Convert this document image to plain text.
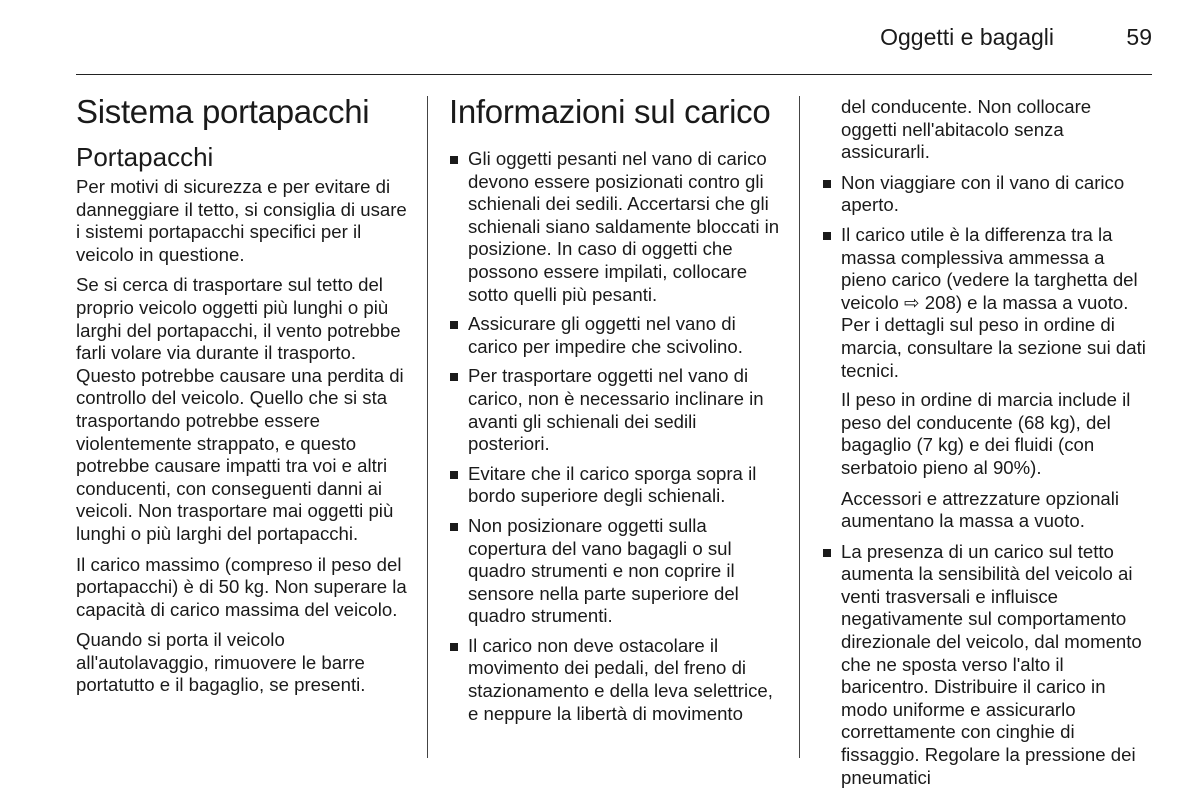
Oggetti e bagagli	59
Sistema portapacchi
Portapacchi

Per motivi di sicurezza e per evitare di danneggiare il tetto, si consiglia di usare i sistemi portapacchi specifici per il veicolo in questione.

Se si cerca di trasportare sul tetto del proprio veicolo oggetti più lunghi o più larghi del portapacchi, il vento potrebbe farli volare via durante il trasporto. Questo potrebbe causare una perdita di controllo del veicolo. Quello che si sta trasportando potrebbe essere violentemente strappato, e questo potrebbe causare impatti tra voi e altri conducenti, con conseguenti danni ai veicoli. Non trasportare mai oggetti più lunghi o più larghi del portapacchi.

Il carico massimo (compreso il peso del portapacchi) è di 50 kg. Non superare la capacità di carico massima del veicolo.

Quando si porta il veicolo all'autolavaggio, rimuovere le barre portatutto e il bagaglio, se presenti.

Informazioni sul carico
Gli oggetti pesanti nel vano di carico devono essere posizionati contro gli schienali dei sedili. Accertarsi che gli schienali siano saldamente bloccati in posizione. In caso di oggetti che possono essere impilati, collocare sotto quelli più pesanti.
Assicurare gli oggetti nel vano di carico per impedire che scivolino.
Per trasportare oggetti nel vano di carico, non è necessario inclinare in avanti gli schienali dei sedili posteriori.
Evitare che il carico sporga sopra il bordo superiore degli schienali.
Non posizionare oggetti sulla copertura del vano bagagli o sul quadro strumenti e non coprire il sensore nella parte superiore del quadro strumenti.
Il carico non deve ostacolare il movimento dei pedali, del freno di stazionamento e della leva selettrice, e neppure la libertà di movimento

del conducente. Non collocare oggetti nell'abitacolo senza assicurarli.

Non viaggiare con il vano di carico aperto.
Il carico utile è la differenza tra la massa complessiva ammessa a pieno carico (vedere la targhetta del veicolo ⇨ 208) e la massa a vuoto. Per i dettagli sul peso in ordine di marcia, consultare la sezione sui dati tecnici.

Il peso in ordine di marcia include il peso del conducente (68 kg), del bagaglio (7 kg) e dei fluidi (con serbatoio pieno al 90%).

Accessori e attrezzature opzionali aumentano la massa a vuoto.

La presenza di un carico sul tetto aumenta la sensibilità del veicolo ai venti trasversali e influisce negativamente sul comportamento direzionale del veicolo, dal momento che ne sposta verso l'alto il baricentro. Distribuire il carico in modo uniforme e assicurarlo correttamente con cinghie di fissaggio. Regolare la pressione dei pneumatici
